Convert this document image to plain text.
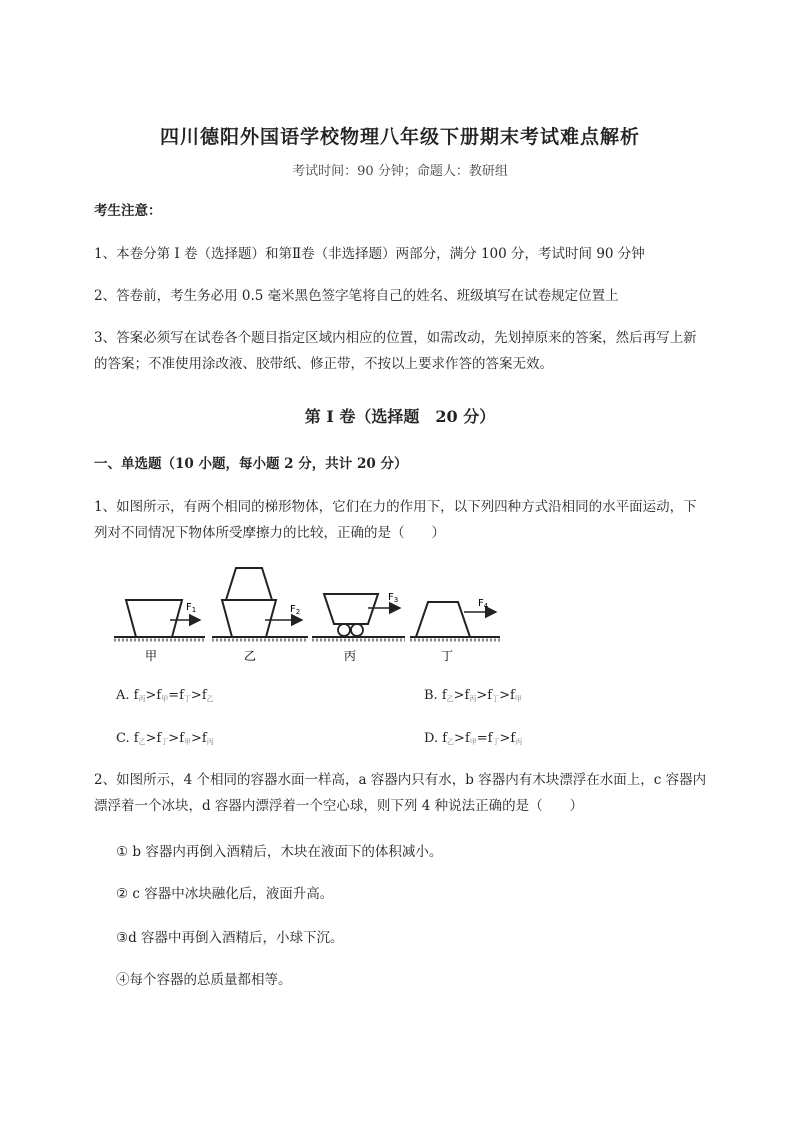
四川德阳外国语学校物理八年级下册期末考试难点解析
考试时间：90 分钟；命题人：教研组
考生注意：
1、本卷分第 I 卷（选择题）和第Ⅱ卷（非选择题）两部分，满分 100 分，考试时间 90 分钟
2、答卷前，考生务必用 0.5 毫米黑色签字笔将自己的姓名、班级填写在试卷规定位置上
3、答案必须写在试卷各个题目指定区域内相应的位置，如需改动，先划掉原来的答案，然后再写上新
的答案；不准使用涂改液、胶带纸、修正带，不按以上要求作答的答案无效。
第 I 卷（选择题　20 分）
一、单选题（10 小题，每小题 2 分，共计 20 分）
1、如图所示，有两个相同的梯形物体，它们在力的作用下，以下列四种方式沿相同的水平面运动，下
列对不同情况下物体所受摩擦力的比较，正确的是（　　）
$F_1$
甲
$F_2$
乙
$F_3$
丙
$F_4$
丁
A. $f_丙>f_甲=f_丁>f_乙$	B. $f_乙>f_丙>f_丁>f_甲$
C. $f_乙>f_丁>f_甲>f_丙$	D. $f_乙>f_甲=f_丁>f_丙$
2、如图所示，4 个相同的容器水面一样高，a 容器内只有水，b 容器内有木块漂浮在水面上，c 容器内
漂浮着一个冰块，d 容器内漂浮着一个空心球，则下列 4 种说法正确的是（　　）
① b 容器内再倒入酒精后，木块在液面下的体积减小。
② c 容器中冰块融化后，液面升高。
③d 容器中再倒入酒精后，小球下沉。
④每个容器的总质量都相等。
